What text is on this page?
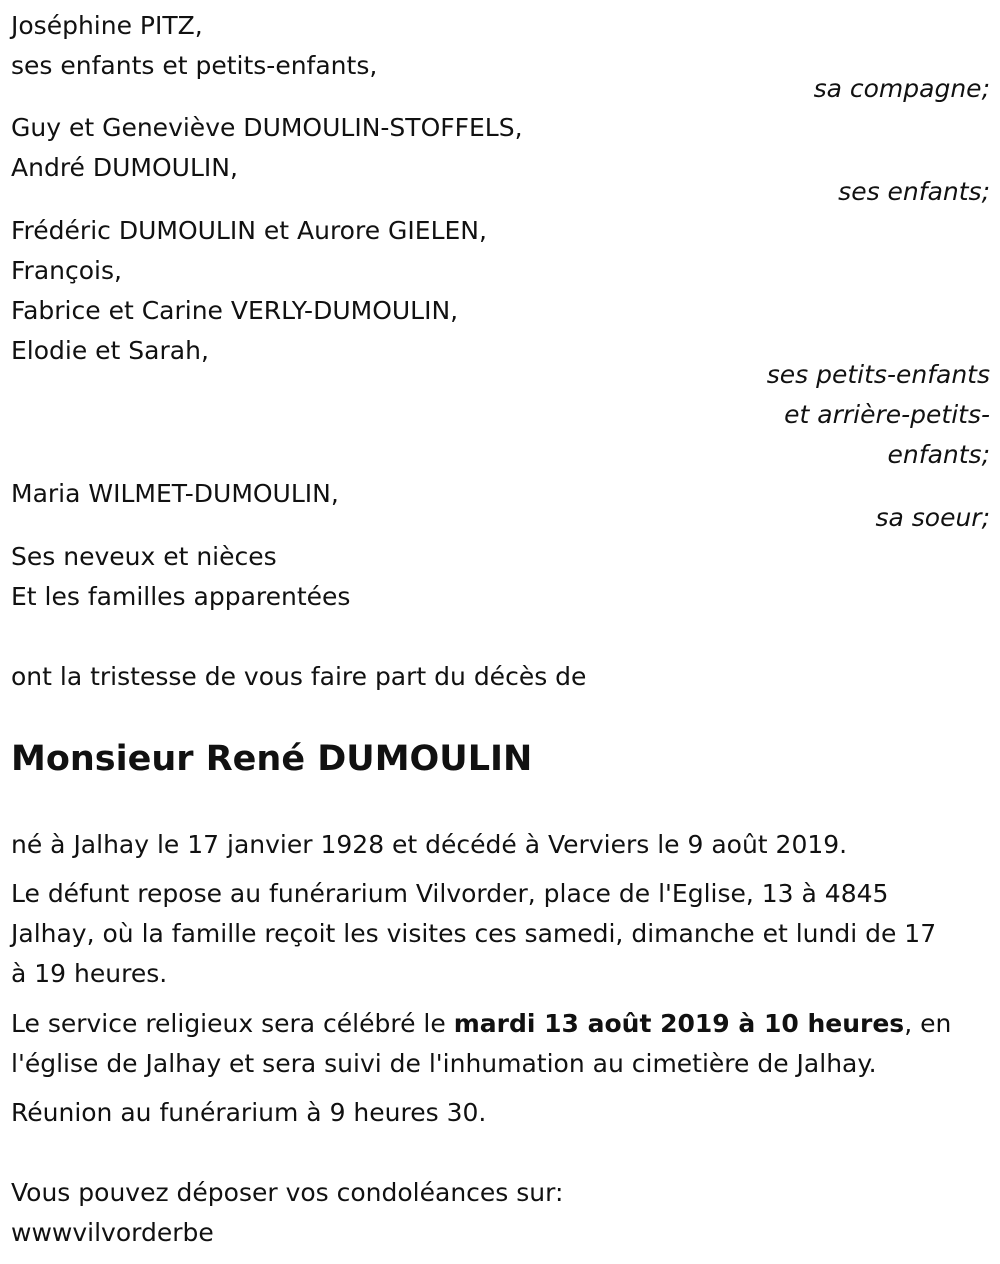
Joséphine PITZ,
ses enfants et petits-enfants,
sa compagne;
Guy et Geneviève DUMOULIN-STOFFELS,
André DUMOULIN,
ses enfants;
Frédéric DUMOULIN et Aurore GIELEN,
François,
Fabrice et Carine VERLY-DUMOULIN,
Elodie et Sarah,
ses petits-enfants
et arrière-petits-
enfants;
Maria WILMET-DUMOULIN,
sa soeur;
Ses neveux et nièces
Et les familles apparentées
ont la tristesse de vous faire part du décès de
Monsieur René DUMOULIN
né à Jalhay le 17 janvier 1928 et décédé à Verviers le 9 août 2019.
Le défunt repose au funérarium Vilvorder, place de l'Eglise, 13 à 4845
Jalhay, où la famille reçoit les visites ces samedi, dimanche et lundi de 17
à 19 heures.
Le service religieux sera célébré le mardi 13 août 2019 à 10 heures, en
l'église de Jalhay et sera suivi de l'inhumation au cimetière de Jalhay.
Réunion au funérarium à 9 heures 30.
Vous pouvez déposer vos condoléances sur:
wwwvilvorderbe
